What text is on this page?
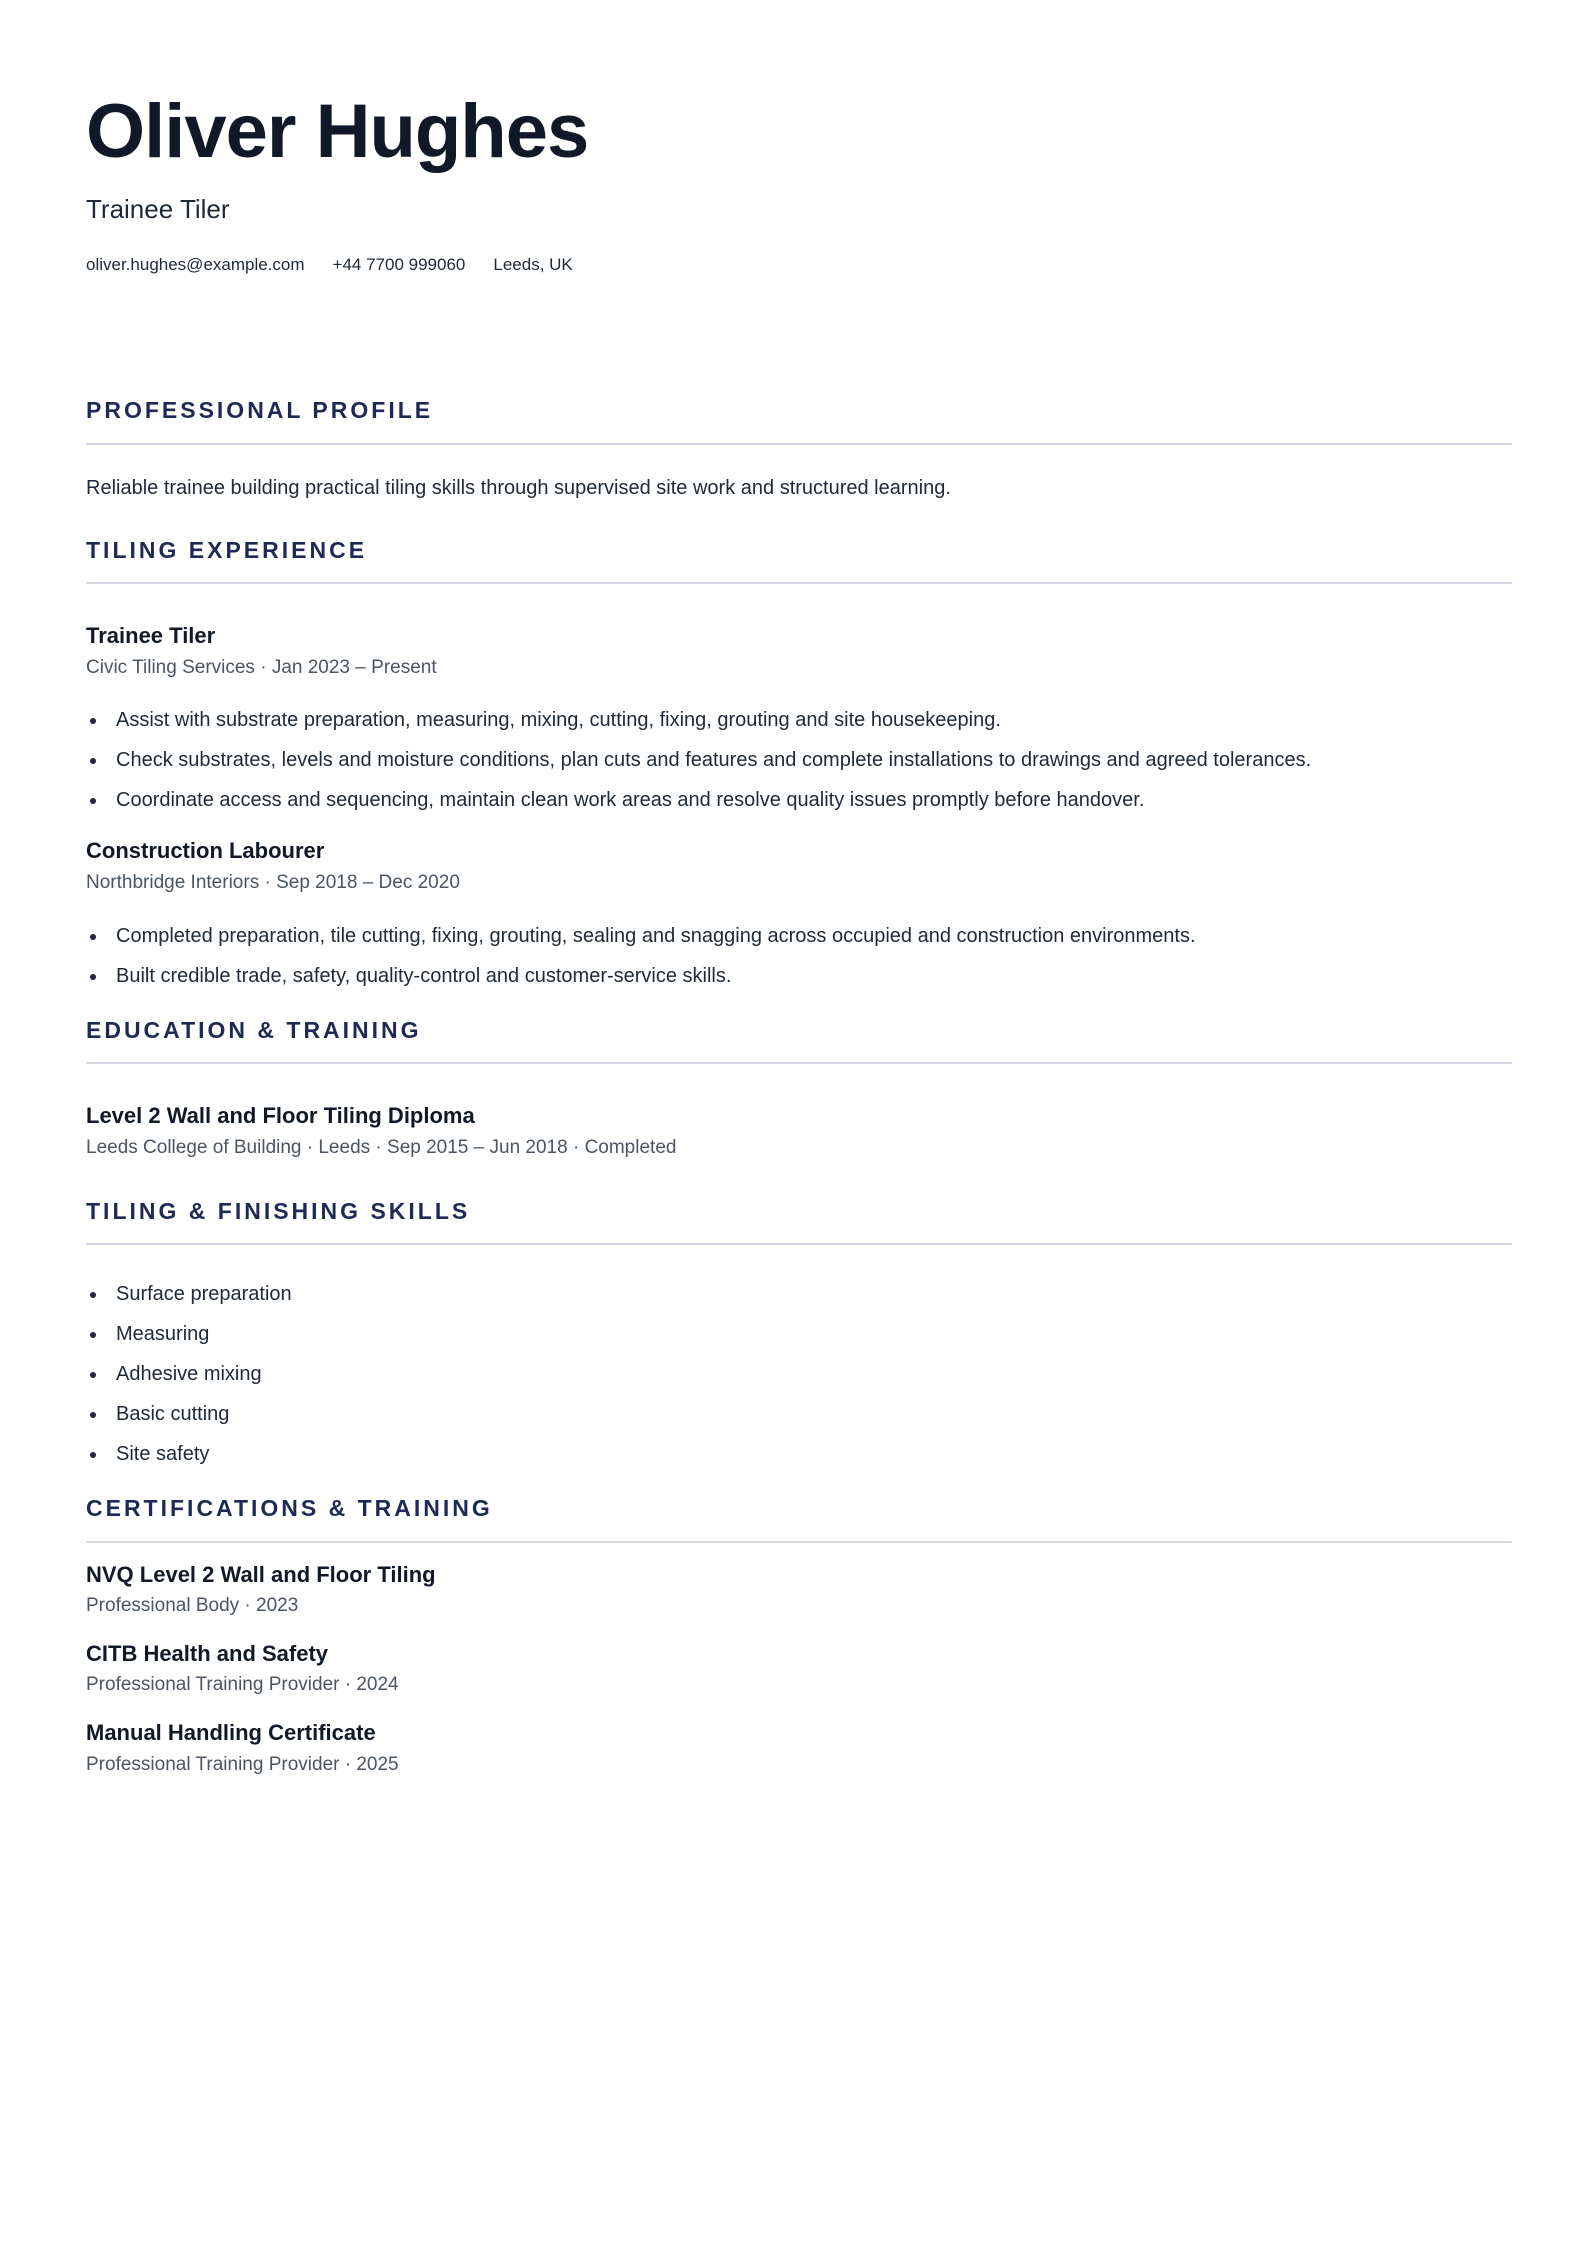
Oliver Hughes
Trainee Tiler
oliver.hughes@example.com +44 7700 999060 Leeds, UK
PROFESSIONAL PROFILE
Reliable trainee building practical tiling skills through supervised site work and structured learning.
TILING EXPERIENCE
Trainee Tiler
Civic Tiling Services · Jan 2023 – Present
Assist with substrate preparation, measuring, mixing, cutting, fixing, grouting and site housekeeping.
Check substrates, levels and moisture conditions, plan cuts and features and complete installations to drawings and agreed tolerances.
Coordinate access and sequencing, maintain clean work areas and resolve quality issues promptly before handover.
Construction Labourer
Northbridge Interiors · Sep 2018 – Dec 2020
Completed preparation, tile cutting, fixing, grouting, sealing and snagging across occupied and construction environments.
Built credible trade, safety, quality-control and customer-service skills.
EDUCATION & TRAINING
Level 2 Wall and Floor Tiling Diploma
Leeds College of Building · Leeds · Sep 2015 – Jun 2018 · Completed
TILING & FINISHING SKILLS
Surface preparation
Measuring
Adhesive mixing
Basic cutting
Site safety
CERTIFICATIONS & TRAINING
NVQ Level 2 Wall and Floor Tiling
Professional Body · 2023
CITB Health and Safety
Professional Training Provider · 2024
Manual Handling Certificate
Professional Training Provider · 2025
